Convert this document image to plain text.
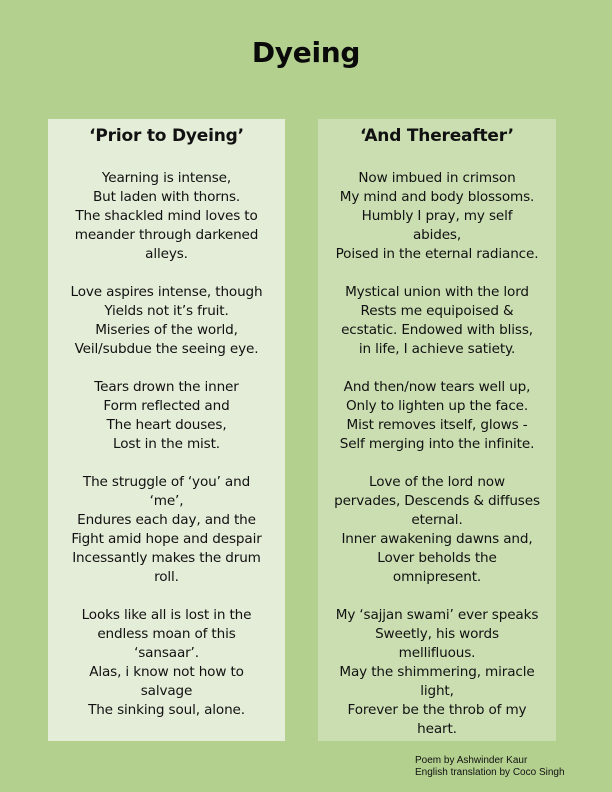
Dyeing
‘Prior to Dyeing’
Yearning is intense,
But laden with thorns.
The shackled mind loves to
meander through darkened
alleys.
Love aspires intense, though
Yields not it’s fruit.
Miseries of the world,
Veil/subdue the seeing eye.
Tears drown the inner
Form reflected and
The heart douses,
Lost in the mist.
The struggle of ‘you’ and
‘me’,
Endures each day, and the
Fight amid hope and despair
Incessantly makes the drum
roll.
Looks like all is lost in the
endless moan of this
‘sansaar’.
Alas, i know not how to
salvage
The sinking soul, alone.
‘And Thereafter’
Now imbued in crimson
My mind and body blossoms.
Humbly I pray, my self
abides,
Poised in the eternal radiance.
Mystical union with the lord
Rests me equipoised &
ecstatic. Endowed with bliss,
in life, I achieve satiety.
And then/now tears well up,
Only to lighten up the face.
Mist removes itself, glows -
Self merging into the infinite.
Love of the lord now
pervades, Descends & diffuses
eternal.
Inner awakening dawns and,
Lover beholds the
omnipresent.
My ‘sajjan swami’ ever speaks
Sweetly, his words
mellifluous.
May the shimmering, miracle
light,
Forever be the throb of my
heart.
Poem by Ashwinder Kaur
English translation by Coco Singh
